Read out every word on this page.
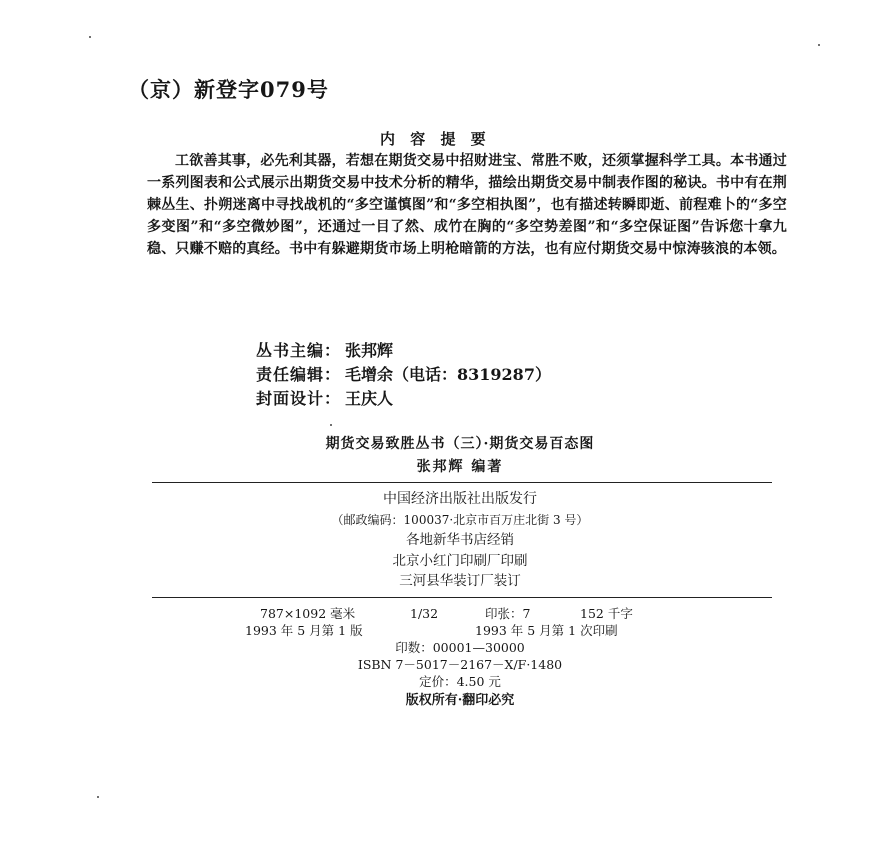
（京）新登字079号
内 容 提 要
工欲善其事，必先利其器，若想在期货交易中招财进宝、常胜不败，还须掌握科学工具。本书通过一系列图表和公式展示出期货交易中技术分析的精华，描绘出期货交易中制表作图的秘诀。书中有在荆棘丛生、扑朔迷离中寻找战机的“多空谨慎图”和“多空相执图”，也有描述转瞬即逝、前程难卜的“多空多变图”和“多空微妙图”，还通过一目了然、成竹在胸的“多空势差图”和“多空保证图”告诉您十拿九稳、只赚不赔的真经。书中有躲避期货市场上明枪暗箭的方法，也有应付期货交易中惊涛骇浪的本领。
丛书主编： 张邦辉
责任编辑： 毛增余（电话：8319287）
封面设计： 王庆人
期货交易致胜丛书（三）·期货交易百态图
张邦辉 编著
中国经济出版社出版发行
（邮政编码：100037·北京市百万庄北街 3 号）
各地新华书店经销
北京小红门印刷厂印刷
三河县华装订厂装订
787×1092 毫米	1/32	印张：7	152 千字
1993 年 5 月第 1 版	1993 年 5 月第 1 次印刷
印数：00001—30000
ISBN 7－5017－2167－X/F·1480
定价：4.50 元
版权所有·翻印必究
